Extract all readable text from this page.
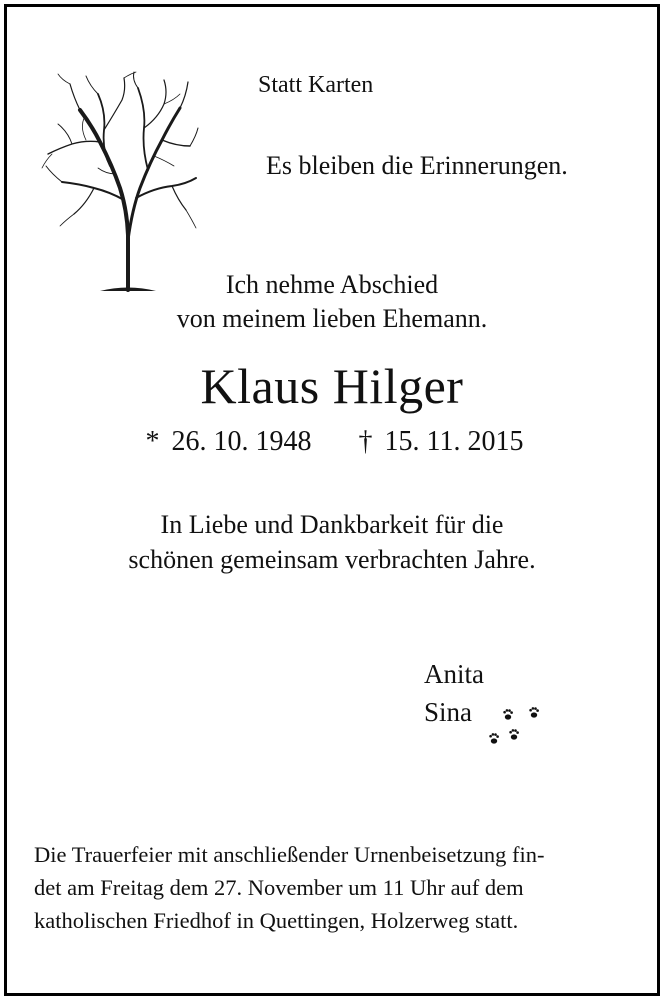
Statt Karten
Es bleiben die Erinnerungen.
Ich nehme Abschied
von meinem lieben Ehemann.
Klaus Hilger
* 26. 10. 1948 † 15. 11. 2015
In Liebe und Dankbarkeit für die
schönen gemeinsam verbrachten Jahre.
Anita
Sina
Die Trauerfeier mit anschließender Urnenbeisetzung fin-
det am Freitag dem 27. November um 11 Uhr auf dem
katholischen Friedhof in Quettingen, Holzerweg statt.
